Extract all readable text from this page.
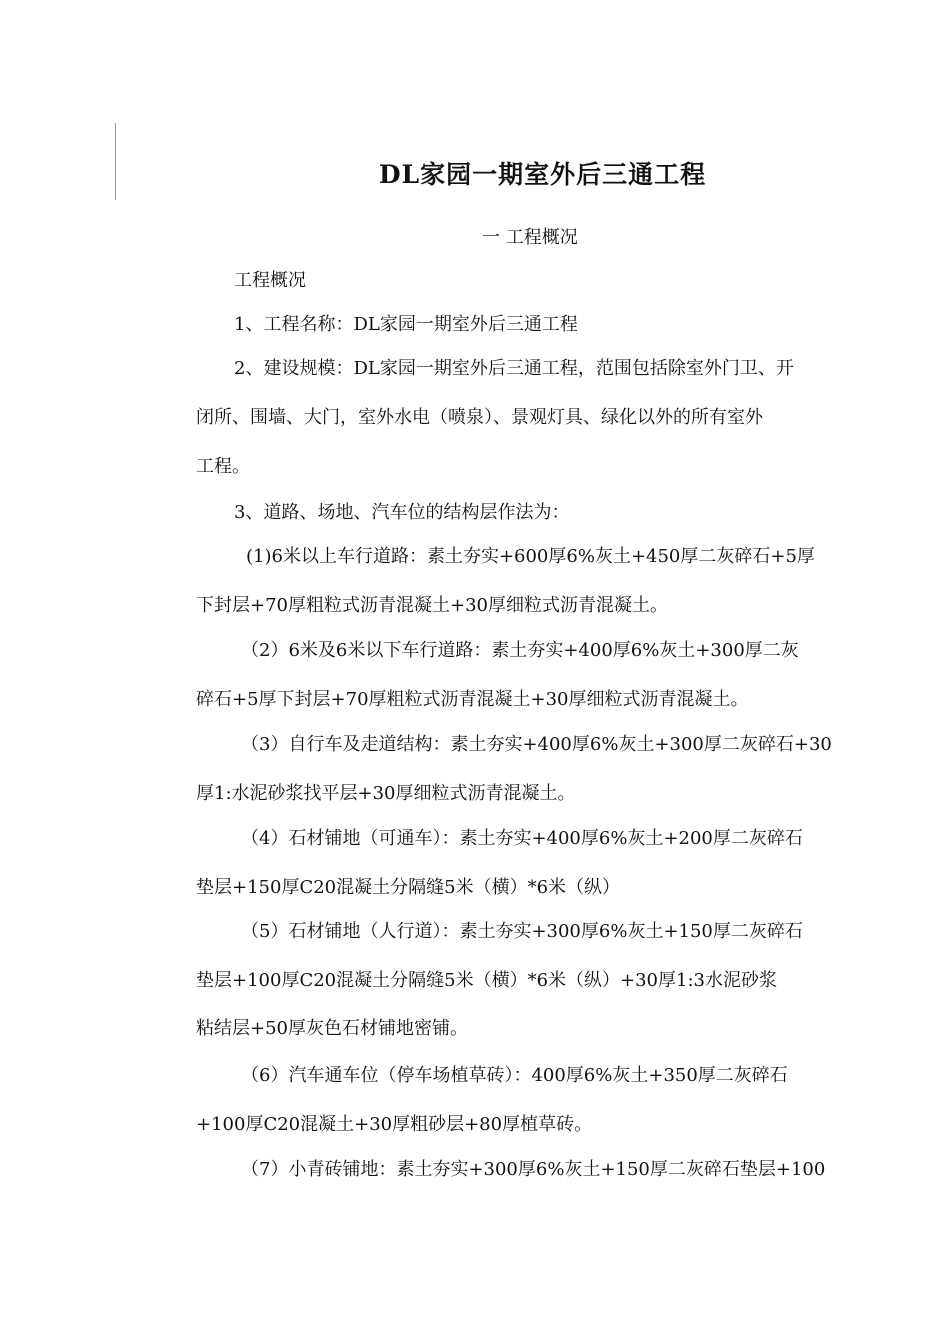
DL家园一期室外后三通工程
一 工程概况
工程概况
1、工程名称：DL家园一期室外后三通工程
2、建设规模：DL家园一期室外后三通工程，范围包括除室外门卫、开
闭所、围墙、大门，室外水电（喷泉）、景观灯具、绿化以外的所有室外
工程。
3、道路、场地、汽车位的结构层作法为：
(1)6米以上车行道路：素土夯实+600厚6%灰土+450厚二灰碎石+5厚
下封层+70厚粗粒式沥青混凝土+30厚细粒式沥青混凝土。
（2）6米及6米以下车行道路：素土夯实+400厚6%灰土+300厚二灰
碎石+5厚下封层+70厚粗粒式沥青混凝土+30厚细粒式沥青混凝土。
（3）自行车及走道结构：素土夯实+400厚6%灰土+300厚二灰碎石+30
厚1:水泥砂浆找平层+30厚细粒式沥青混凝土。
（4）石材铺地（可通车）：素土夯实+400厚6%灰土+200厚二灰碎石
垫层+150厚C20混凝土分隔缝5米（横）*6米（纵）
（5）石材铺地（人行道）：素土夯实+300厚6%灰土+150厚二灰碎石
垫层+100厚C20混凝土分隔缝5米（横）*6米（纵）+30厚1:3水泥砂浆
粘结层+50厚灰色石材铺地密铺。
（6）汽车通车位（停车场植草砖）：400厚6%灰土+350厚二灰碎石
+100厚C20混凝土+30厚粗砂层+80厚植草砖。
（7）小青砖铺地：素土夯实+300厚6%灰土+150厚二灰碎石垫层+100
